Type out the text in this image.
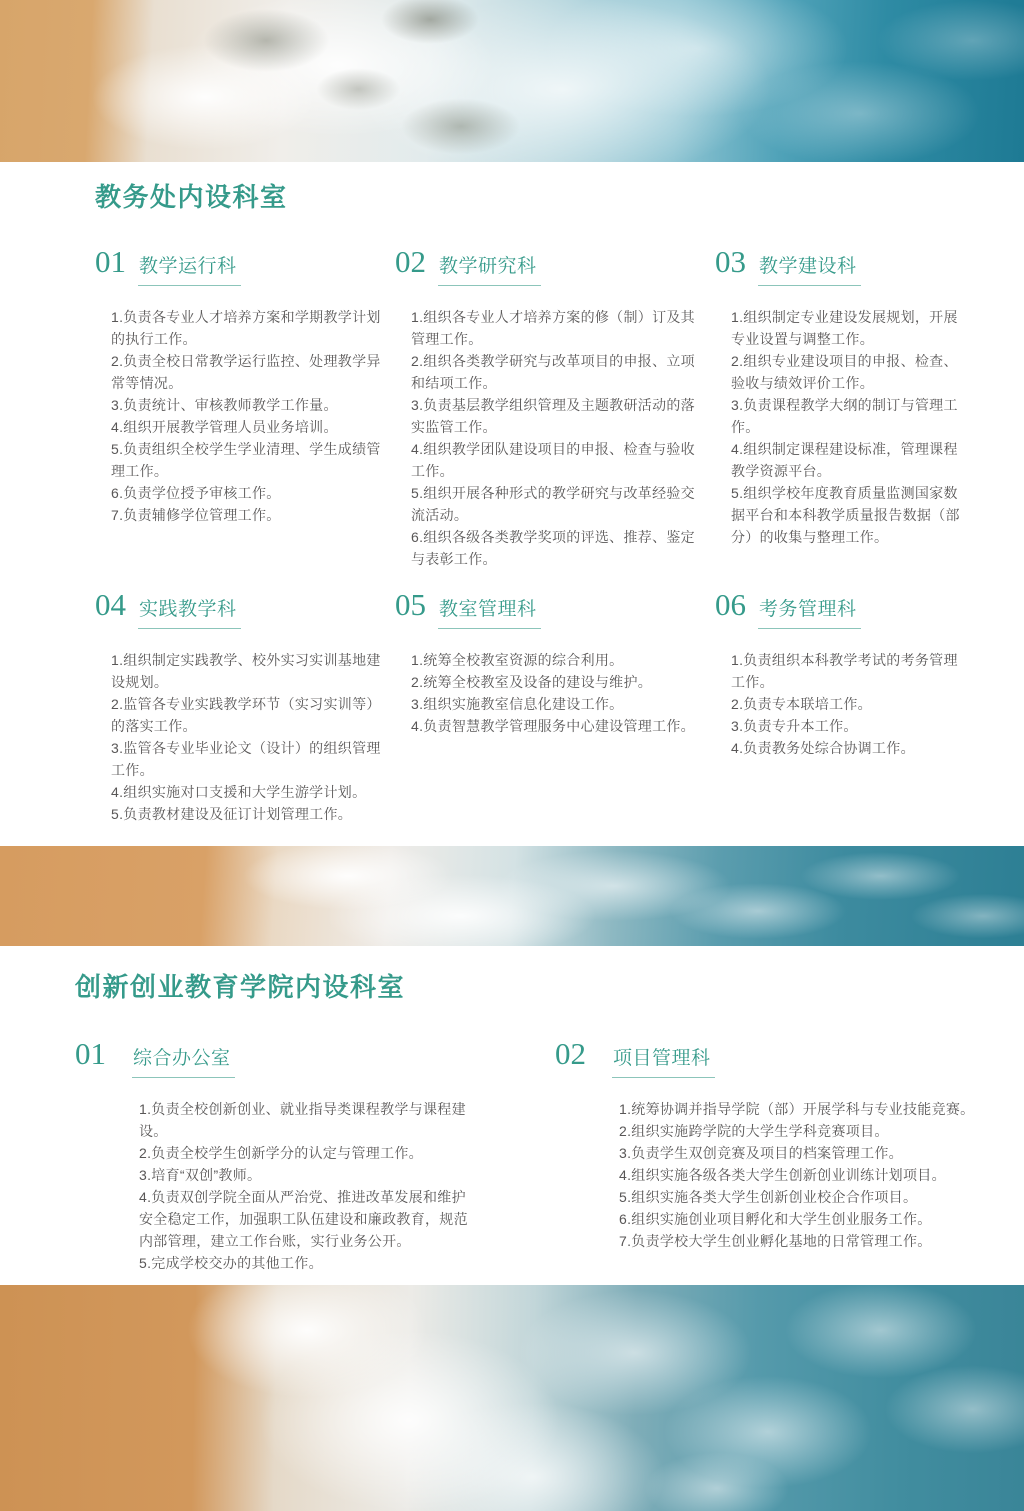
教务处内设科室
01 教学运行科
1.负责各专业人才培养方案和学期教学计划的执行工作。
2.负责全校日常教学运行监控、处理教学异常等情况。
3.负责统计、审核教师教学工作量。
4.组织开展教学管理人员业务培训。
5.负责组织全校学生学业清理、学生成绩管理工作。
6.负责学位授予审核工作。
7.负责辅修学位管理工作。
02 教学研究科
1.组织各专业人才培养方案的修（制）订及其管理工作。
2.组织各类教学研究与改革项目的申报、立项和结项工作。
3.负责基层教学组织管理及主题教研活动的落实监管工作。
4.组织教学团队建设项目的申报、检查与验收工作。
5.组织开展各种形式的教学研究与改革经验交流活动。
6.组织各级各类教学奖项的评选、推荐、鉴定与表彰工作。
03 教学建设科
1.组织制定专业建设发展规划，开展专业设置与调整工作。
2.组织专业建设项目的申报、检查、验收与绩效评价工作。
3.负责课程教学大纲的制订与管理工作。
4.组织制定课程建设标准，管理课程教学资源平台。
5.组织学校年度教育质量监测国家数据平台和本科教学质量报告数据（部分）的收集与整理工作。
04 实践教学科
1.组织制定实践教学、校外实习实训基地建设规划。
2.监管各专业实践教学环节（实习实训等）的落实工作。
3.监管各专业毕业论文（设计）的组织管理工作。
4.组织实施对口支援和大学生游学计划。
5.负责教材建设及征订计划管理工作。
05 教室管理科
1.统筹全校教室资源的综合利用。
2.统筹全校教室及设备的建设与维护。
3.组织实施教室信息化建设工作。
4.负责智慧教学管理服务中心建设管理工作。
06 考务管理科
1.负责组织本科教学考试的考务管理工作。
2.负责专本联培工作。
3.负责专升本工作。
4.负责教务处综合协调工作。
创新创业教育学院内设科室
01 综合办公室
1.负责全校创新创业、就业指导类课程教学与课程建设。
2.负责全校学生创新学分的认定与管理工作。
3.培育“双创”教师。
4.负责双创学院全面从严治党、推进改革发展和维护安全稳定工作，加强职工队伍建设和廉政教育，规范内部管理，建立工作台账，实行业务公开。
5.完成学校交办的其他工作。
02 项目管理科
1.统筹协调并指导学院（部）开展学科与专业技能竞赛。
2.组织实施跨学院的大学生学科竞赛项目。
3.负责学生双创竞赛及项目的档案管理工作。
4.组织实施各级各类大学生创新创业训练计划项目。
5.组织实施各类大学生创新创业校企合作项目。
6.组织实施创业项目孵化和大学生创业服务工作。
7.负责学校大学生创业孵化基地的日常管理工作。
